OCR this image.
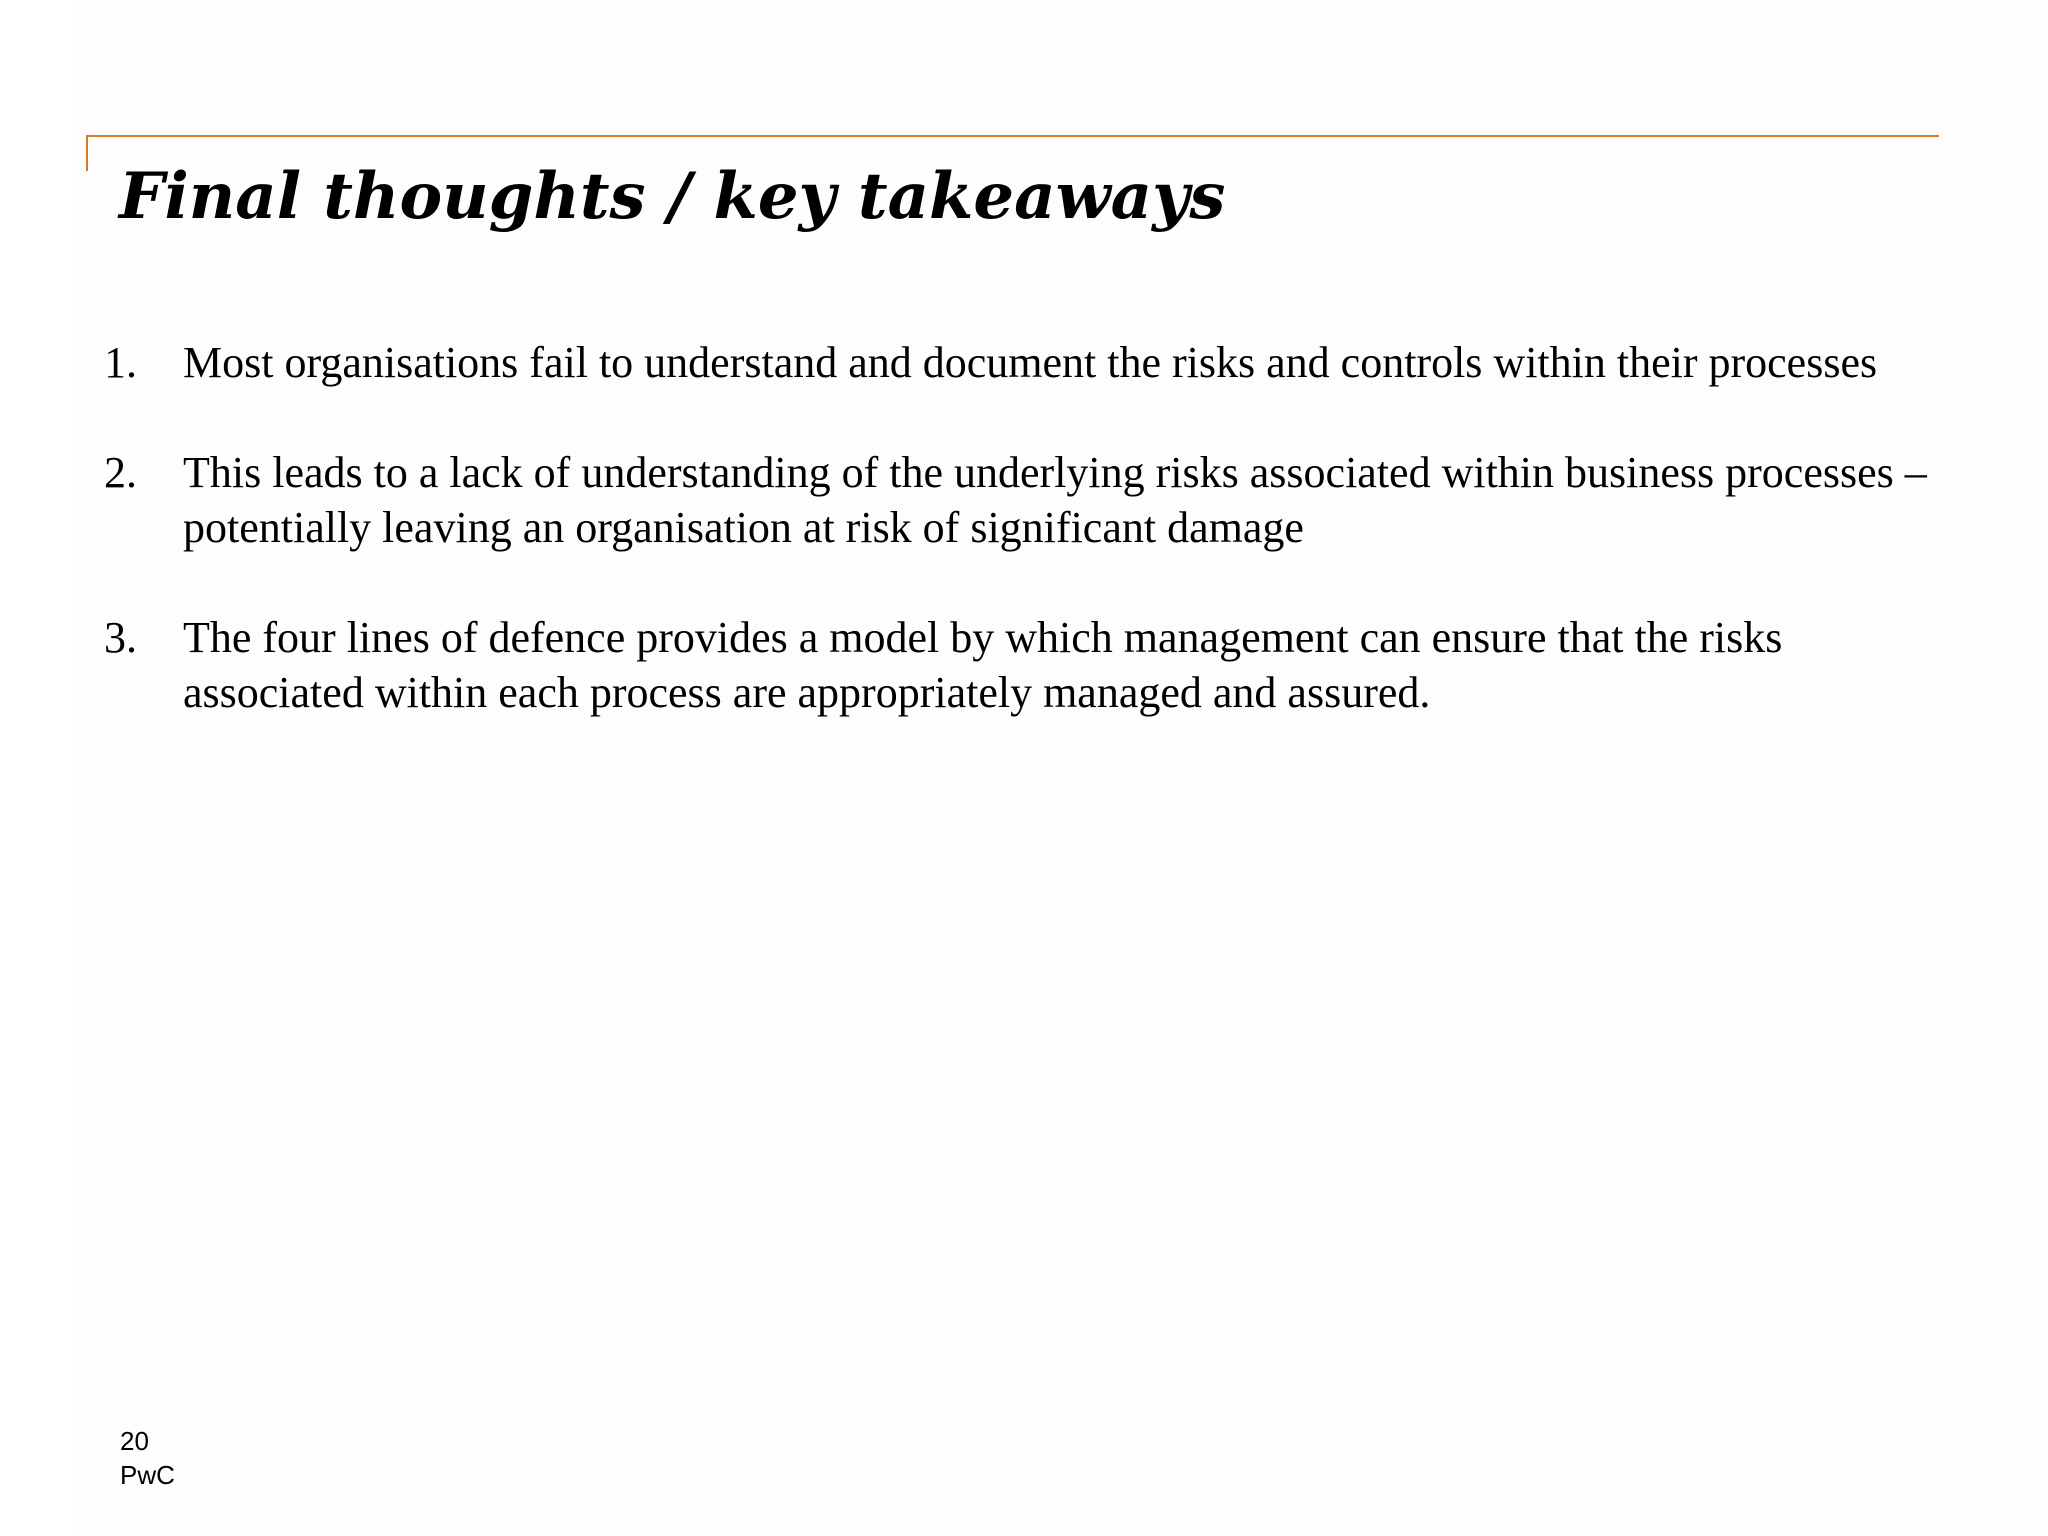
Final thoughts / key takeaways
1. Most organisations fail to understand and document the risks and controls within their processes
2. This leads to a lack of understanding of the underlying risks associated within business processes – potentially leaving an organisation at risk of significant damage
3. The four lines of defence provides a model by which management can ensure that the risks associated within each process are appropriately managed and assured.
20
PwC
